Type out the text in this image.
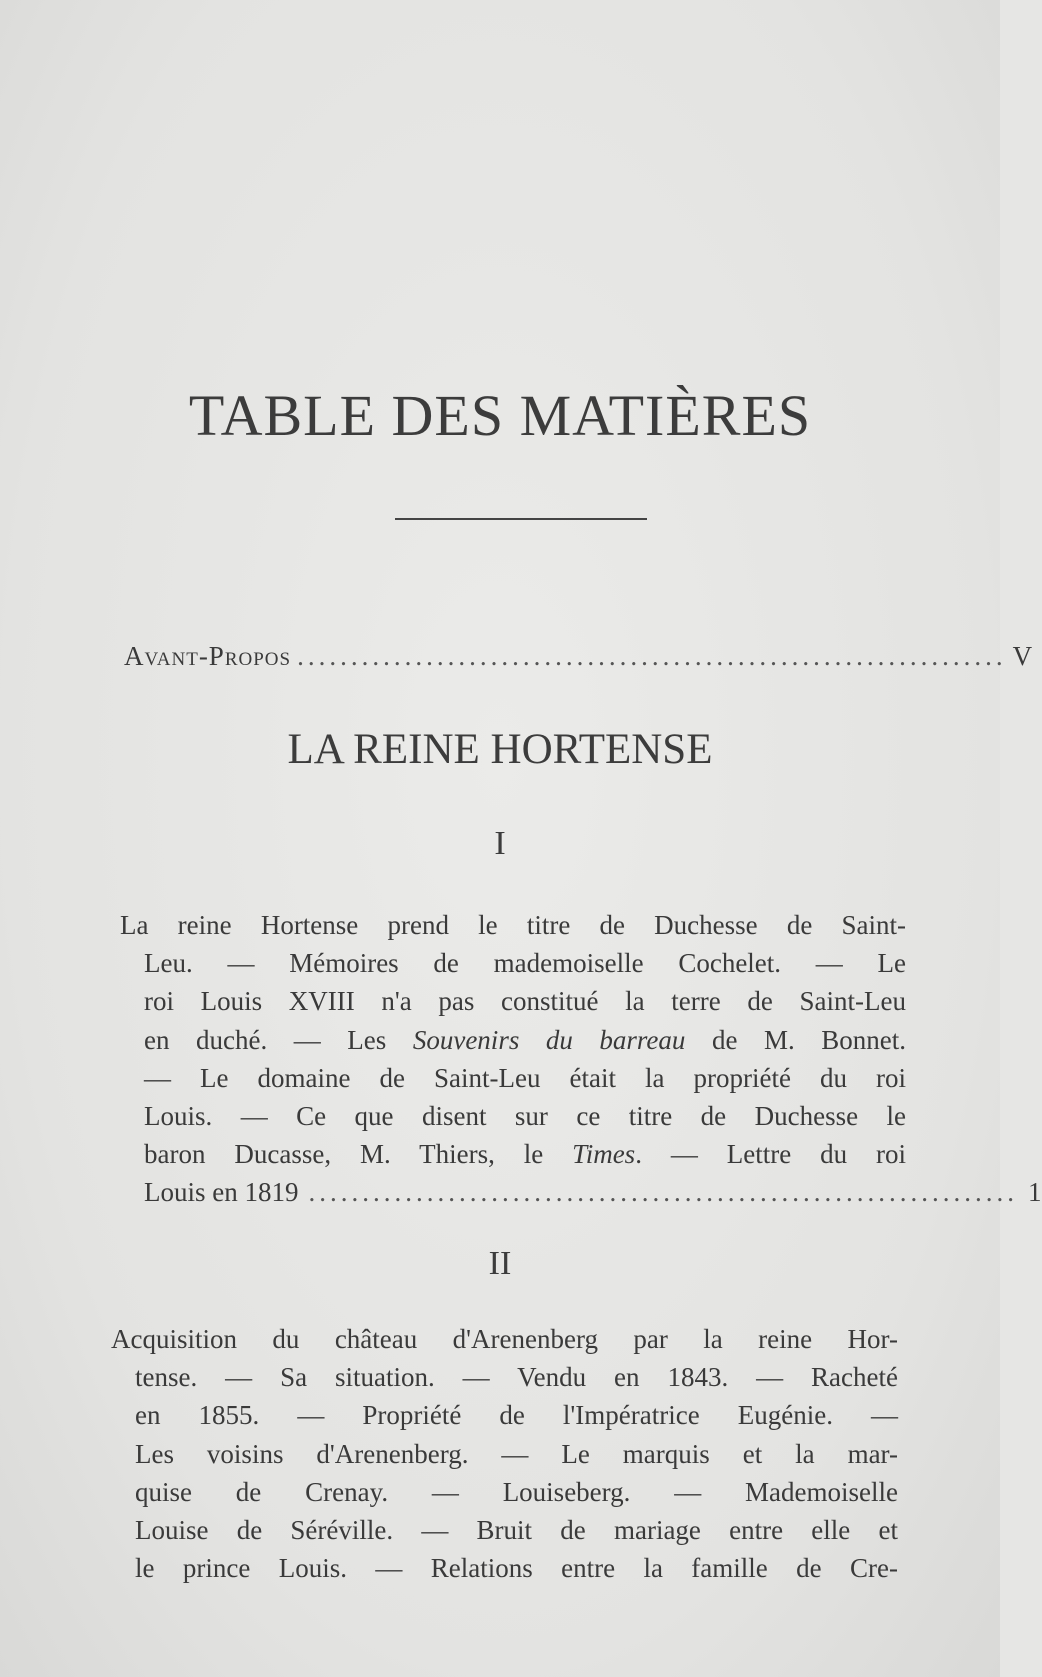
TABLE DES MATIÈRES
Avant-Propos .................................................................. V
LA REINE HORTENSE
I
La reine Hortense prend le titre de Duchesse de Saint-
Leu. — Mémoires de mademoiselle Cochelet. — Le
roi Louis XVIII n'a pas constitué la terre de Saint-Leu
en duché. — Les Souvenirs du barreau de M. Bonnet.
— Le domaine de Saint-Leu était la propriété du roi
Louis. — Ce que disent sur ce titre de Duchesse le
baron Ducasse, M. Thiers, le Times. — Lettre du roi
Louis en 1819 .................................................................. 1
II
Acquisition du château d'Arenenberg par la reine Hor-
tense. — Sa situation. — Vendu en 1843. — Racheté
en 1855. — Propriété de l'Impératrice Eugénie. —
Les voisins d'Arenenberg. — Le marquis et la mar-
quise de Crenay. — Louiseberg. — Mademoiselle
Louise de Séréville. — Bruit de mariage entre elle et
le prince Louis. — Relations entre la famille de Cre-
